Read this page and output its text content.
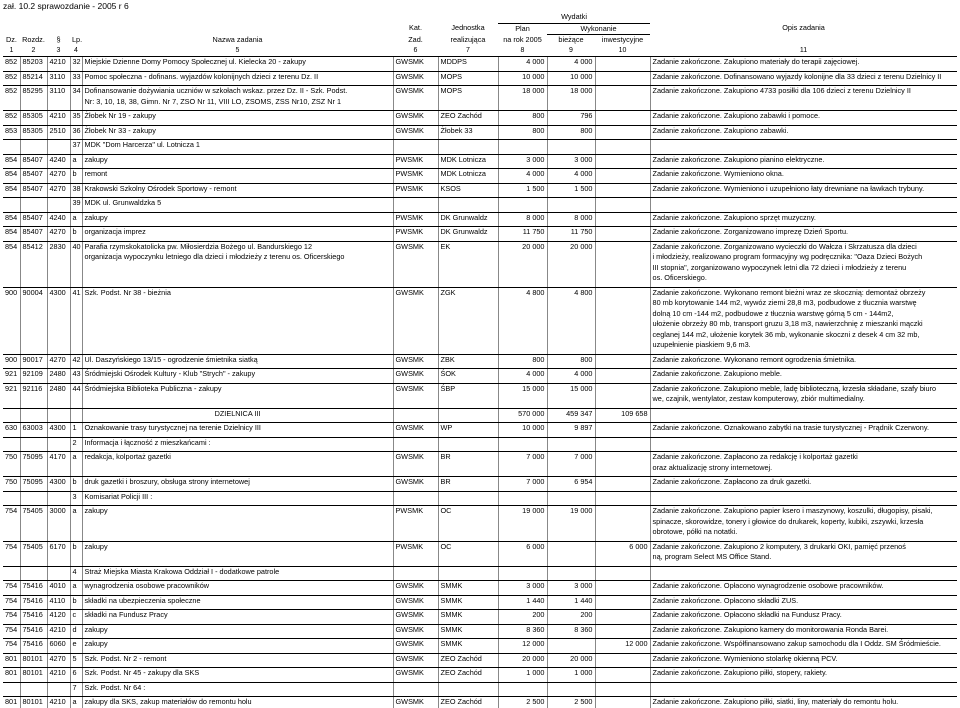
zał. 10.2 sprawozdanie - 2005 r 6
							Wydatki			
					Kat.	Jednostka	Plan	Wykonanie		Opis zadania
Dz.	Rozdz.	§	Lp.	Nazwa zadania	Zad.	realizująca	na rok 2005	bieżące	inwestycyjne	
1	2	3	4	5	6	7	8	9	10	11
852	85203	4210	32	Miejskie Dzienne Domy Pomocy Społecznej ul. Kielecka 20 - zakupy	GWSMK	MDDPS	4 000	4 000		Zadanie zakończone. Zakupiono materiały do terapii zajęciowej.

852	85214	3110	33	Pomoc społeczna - dofinans. wyjazdów kolonijnych dzieci z terenu Dz. II	GWSMK	MOPS	10 000	10 000		Zadanie zakończone. Dofinansowano wyjazdy kolonijne dla 33 dzieci z terenu Dzielnicy II

852	85295	3110	34	Dofinansowanie dożywiania uczniów w szkołach wskaz. przez Dz. II - Szk. Podst.	GWSMK	MOPS	18 000	18 000		Zadanie zakończone. Zakupiono 4733 posiłki dla 106 dzieci z terenu Dzielnicy II
				Nr: 3, 10, 18, 38, Gimn. Nr 7, ZSO Nr 11, VIII LO, ZSOMS, ZSS Nr10, ZSZ Nr 1						

852	85305	4210	35	Żłobek Nr 19 - zakupy	GWSMK	ZEO Zachód	800	796		Zadanie zakończone. Zakupiono zabawki i pomoce.

853	85305	2510	36	Żłobek Nr 33 - zakupy	GWSMK	Żłobek 33	800	800		Zadanie zakończone. Zakupiono zabawki.

			37	MDK "Dom Harcerza" ul. Lotnicza 1						

854	85407	4240	a	zakupy	PWSMK	MDK Lotnicza	3 000	3 000		Zadanie zakończone. Zakupiono pianino elektryczne.

854	85407	4270	b	remont	PWSMK	MDK Lotnicza	4 000	4 000		Zadanie zakończone. Wymieniono okna.

854	85407	4270	38	Krakowski Szkolny Ośrodek Sportowy - remont	PWSMK	KSOS	1 500	1 500		Zadanie zakończone. Wymieniono i uzupełniono łaty drewniane na ławkach trybuny.

			39	MDK ul. Grunwaldzka 5						

854	85407	4240	a	zakupy	PWSMK	DK Grunwaldz	8 000	8 000		Zadanie zakończone. Zakupiono sprzęt muzyczny.

854	85407	4270	b	organizacja imprez	PWSMK	DK Grunwaldz	11 750	11 750		Zadanie zakończone. Zorganizowano imprezę Dzień Sportu.

854	85412	2830	40	Parafia rzymskokatolicka pw. Miłosierdzia Bożego ul. Bandurskiego 12	GWSMK	EK	20 000	20 000		Zadanie zakończone. Zorganizowano wycieczki do Wałcza i Skrzatusza dla dzieci
				organizacja wypoczynku letniego dla dzieci i młodzieży z terenu os. Oficerskiego						i młodzieży, realizowano program formacyjny wg podręcznika: "Oaza Dzieci Bożych
										III stopnia", zorganizowano wypoczynek letni dla 72 dzieci i młodzieży z terenu
										os. Oficerskiego.

900	90004	4300	41	Szk. Podst. Nr 38 - bieżnia	GWSMK	ZGK	4 800	4 800		Zadanie zakończone. Wykonano remont bieżni wraz ze skocznią: demontaż obrzeży
										80 mb korytowanie 144 m2, wywóz ziemi 28,8 m3, podbudowe z tłucznia warstwę
										dolną 10 cm -144 m2, podbudowe z tłucznia warstwę górną 5 cm - 144m2,
										ułożenie obrzeży 80 mb, transport gruzu 3,18 m3, nawierzchnię z mieszanki mączki
										ceglanej 144 m2, ułożenie korytek 36 mb, wykonanie skoczni z desek 4 cm 32 mb,
										uzupełnienie piaskiem 9,6 m3.

900	90017	4270	42	Ul. Daszyńskiego 13/15 - ogrodzenie śmietnika siatką	GWSMK	ZBK	800	800		Zadanie zakończone. Wykonano remont ogrodzenia śmietnika.

921	92109	2480	43	Śródmiejski Ośrodek Kultury - Klub "Strych" - zakupy	GWSMK	ŚOK	4 000	4 000		Zadanie zakończone. Zakupiono meble.

921	92116	2480	44	Śródmiejska Biblioteka Publiczna - zakupy	GWSMK	ŚBP	15 000	15 000		Zadanie zakończone. Zakupiono meble, ladę biblioteczną, krzesła składane, szafy biuro
										we, czajnik, wentylator, zestaw komputerowy, zbiór multimedialny.

				DZIELNICA III			570 000	459 347	109 658	

630	63003	4300	1	Oznakowanie trasy turystycznej na terenie Dzielnicy III	GWSMK	WP	10 000	9 897		Zadanie zakończone. Oznakowano zabytki na trasie turystycznej - Prądnik Czerwony.

			2	Informacja i łączność z mieszkańcami :						

750	75095	4170	a	redakcja, kolportaż gazetki	GWSMK	BR	7 000	7 000		Zadanie zakończone. Zapłacono za redakcję i kolportaż gazetki
										oraz aktualizację strony internetowej.

750	75095	4300	b	druk gazetki i broszury, obsługa strony internetowej	GWSMK	BR	7 000	6 954		Zadanie zakończone. Zapłacono za druk gazetki.

			3	Komisariat Policji III :						

754	75405	3000	a	zakupy	PWSMK	OC	19 000	19 000		Zadanie zakończone. Zakupiono papier ksero i maszynowy, koszulki, długopisy, pisaki,
										spinacze, skorowidze, tonery i głowice do drukarek, koperty, kubiki, zszywki, krzesła
										obrotowe, półki na notatki.

754	75405	6170	b	zakupy	PWSMK	OC	6 000		6 000	Zadanie zakończone. Zakupiono 2 komputery, 3 drukarki OKI, pamięć przenoś
										ną, program Select MS Office Stand.

			4	Straż Miejska Miasta Krakowa Oddział I - dodatkowe patrole						

754	75416	4010	a	wynagrodzenia osobowe pracowników	GWSMK	SMMK	3 000	3 000		Zadanie zakończone. Opłacono wynagrodzenie osobowe pracowników.

754	75416	4110	b	składki na ubezpieczenia społeczne	GWSMK	SMMK	1 440	1 440		Zadanie zakończone. Opłacono składki ZUS.

754	75416	4120	c	składki na Fundusz Pracy	GWSMK	SMMK	200	200		Zadanie zakończone. Opłacono składki na Fundusz Pracy.

754	75416	4210	d	zakupy	GWSMK	SMMK	8 360	8 360		Zadanie zakończone. Zakupiono kamery do monitorowania Ronda Barei.

754	75416	6060	e	zakupy	GWSMK	SMMK	12 000		12 000	Zadanie zakończone. Współfinansowano zakup samochodu dla I Oddz. SM Śródmieście.

801	80101	4270	5	Szk. Podst. Nr 2 - remont	GWSMK	ZEO Zachód	20 000	20 000		Zadanie zakończone. Wymieniono stolarkę okienną PCV.

801	80101	4210	6	Szk. Podst. Nr 45 - zakupy dla SKS	GWSMK	ZEO Zachód	1 000	1 000		Zadanie zakończone. Zakupiono piłki, stopery, rakiety.

			7	Szk. Podst. Nr 64 :						

801	80101	4210	a	zakupy dla SKS, zakup materiałów do remontu holu	GWSMK	ZEO Zachód	2 500	2 500		Zadanie zakończone. Zakupiono piłki, siatki, liny, materiały do remontu holu.
